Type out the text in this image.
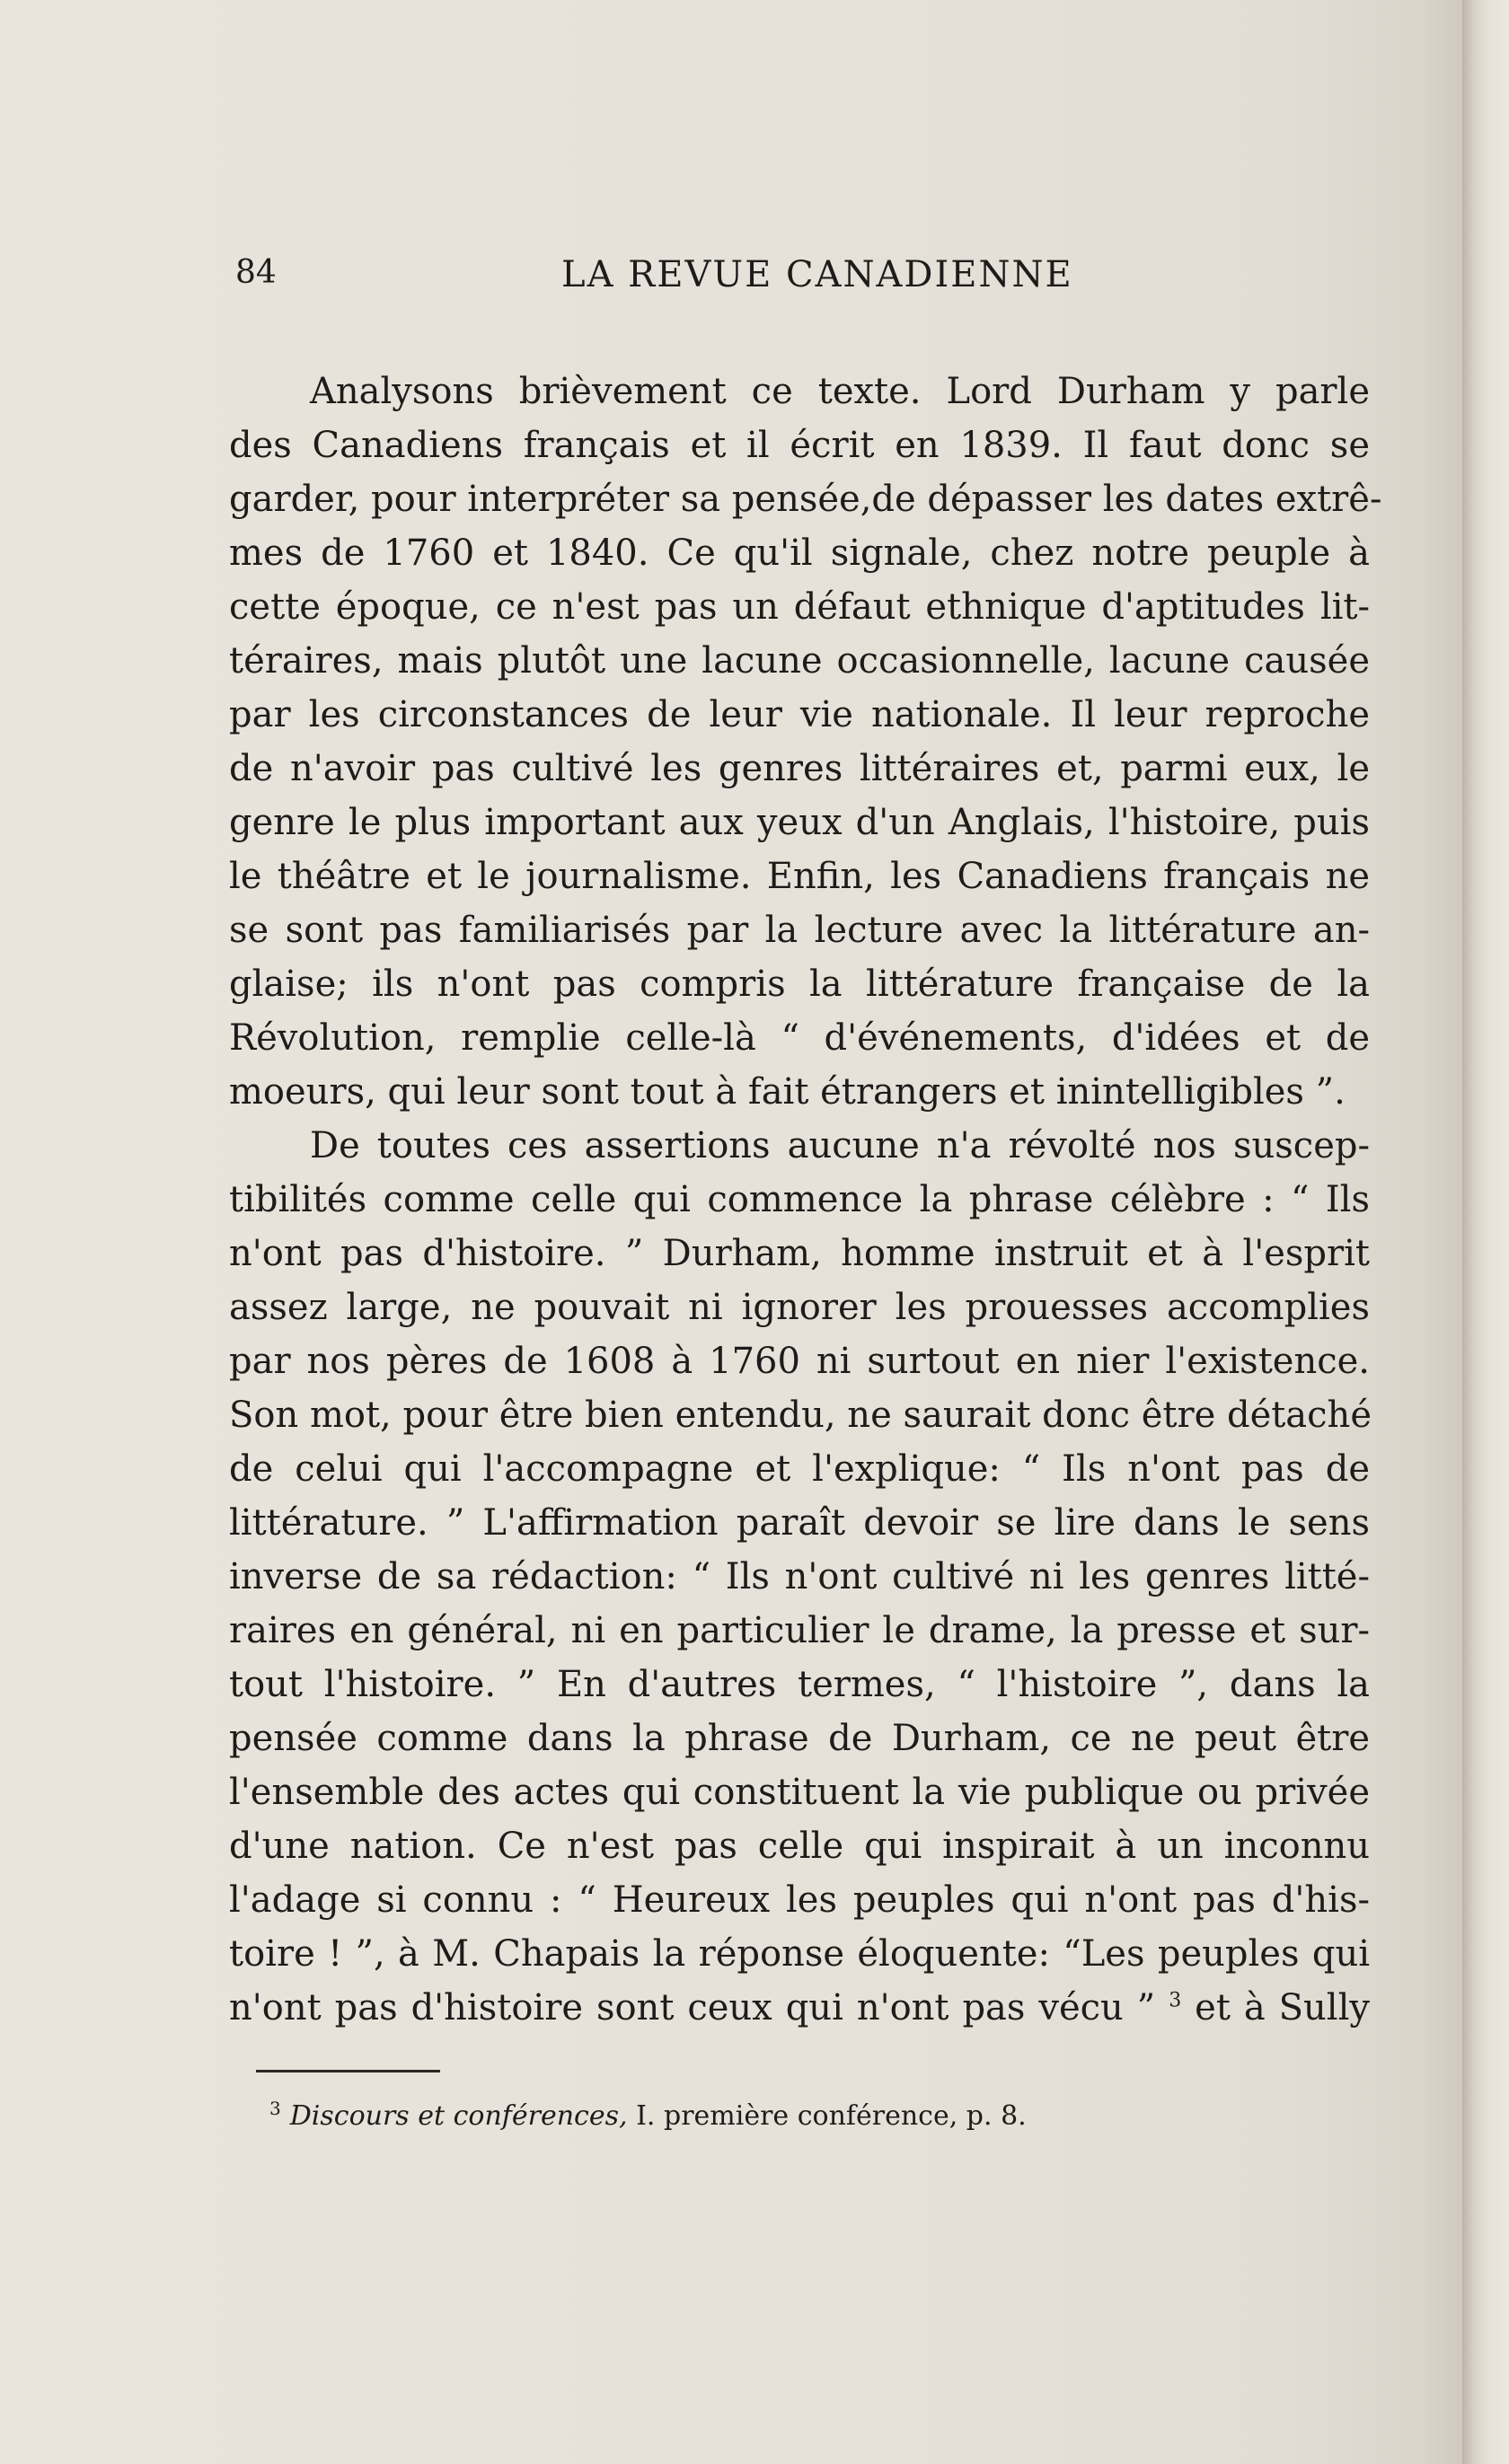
84	LA REVUE CANADIENNE
Analysons brièvement ce texte. Lord Durham y parle
des Canadiens français et il écrit en 1839. Il faut donc se
garder, pour interpréter sa pensée,de dépasser les dates extrê-
mes de 1760 et 1840. Ce qu'il signale, chez notre peuple à
cette époque, ce n'est pas un défaut ethnique d'aptitudes lit-
téraires, mais plutôt une lacune occasionnelle, lacune causée
par les circonstances de leur vie nationale. Il leur reproche
de n'avoir pas cultivé les genres littéraires et, parmi eux, le
genre le plus important aux yeux d'un Anglais, l'histoire, puis
le théâtre et le journalisme. Enfin, les Canadiens français ne
se sont pas familiarisés par la lecture avec la littérature an-
glaise; ils n'ont pas compris la littérature française de la
Révolution, remplie celle-là “ d'événements, d'idées et de
moeurs, qui leur sont tout à fait étrangers et inintelligibles ”.
De toutes ces assertions aucune n'a révolté nos suscep-
tibilités comme celle qui commence la phrase célèbre : “ Ils
n'ont pas d'histoire. ” Durham, homme instruit et à l'esprit
assez large, ne pouvait ni ignorer les prouesses accomplies
par nos pères de 1608 à 1760 ni surtout en nier l'existence.
Son mot, pour être bien entendu, ne saurait donc être détaché
de celui qui l'accompagne et l'explique: “ Ils n'ont pas de
littérature. ” L'affirmation paraît devoir se lire dans le sens
inverse de sa rédaction: “ Ils n'ont cultivé ni les genres litté-
raires en général, ni en particulier le drame, la presse et sur-
tout l'histoire. ” En d'autres termes, “ l'histoire ”, dans la
pensée comme dans la phrase de Durham, ce ne peut être
l'ensemble des actes qui constituent la vie publique ou privée
d'une nation. Ce n'est pas celle qui inspirait à un inconnu
l'adage si connu : “ Heureux les peuples qui n'ont pas d'his-
toire ! ”, à M. Chapais la réponse éloquente: “Les peuples qui
n'ont pas d'histoire sont ceux qui n'ont pas vécu ” $^3$ et à Sully
$^3$ Discours et conférences, I. première conférence, p. 8.
